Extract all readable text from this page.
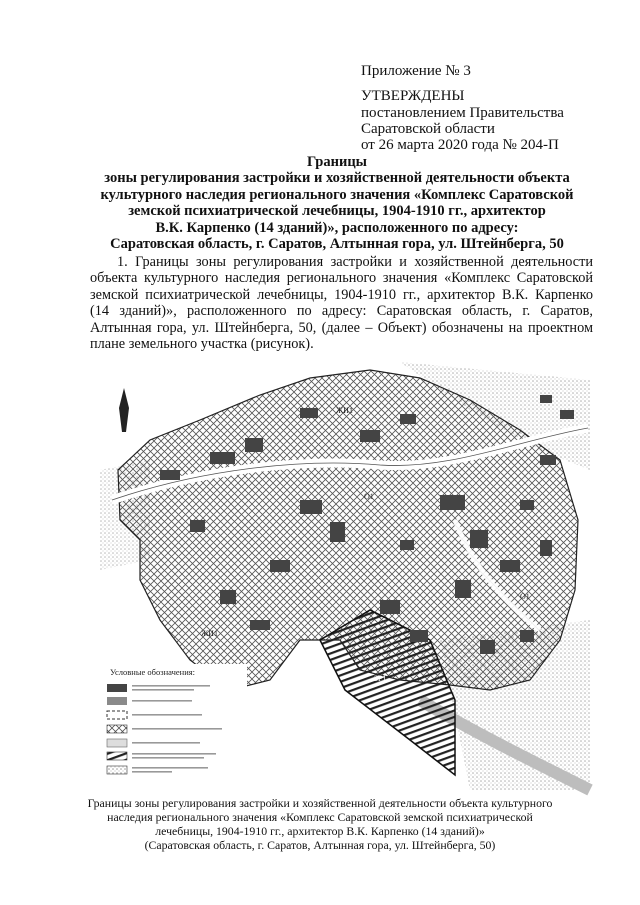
Приложение № 3
УТВЕРЖДЕНЫ
постановлением Правительства
Саратовской области
от 26 марта 2020 года № 204-П
Границы
зоны регулирования застройки и хозяйственной деятельности объекта
культурного наследия регионального значения «Комплекс Саратовской
земской психиатрической лечебницы, 1904-1910 гг., архитектор
В.К. Карпенко (14 зданий)», расположенного по адресу:
Саратовская область, г. Саратов, Алтынная гора, ул. Штейнберга, 50
1. Границы зоны регулирования застройки и хозяйственной деятельности
объекта культурного наследия регионального значения «Комплекс Саратовской
земской психиатрической лечебницы, 1904-1910 гг., архитектор В.К. Карпенко
(14 зданий)», расположенного по адресу: Саратовская область, г. Саратов,
Алтынная гора, ул. Штейнберга, 50, (далее – Объект) обозначены на проектном
плане земельного участка (рисунок).
ЖИ1
О1
О1
ЖИ1
ЗР1
Условные обозначения:
Границы зоны регулирования застройки и хозяйственной деятельности объекта культурного
наследия регионального значения «Комплекс Саратовской земской психиатрической
лечебницы, 1904-1910 гг., архитектор В.К. Карпенко (14 зданий)»
(Саратовская область, г. Саратов, Алтынная гора, ул. Штейнберга, 50)
